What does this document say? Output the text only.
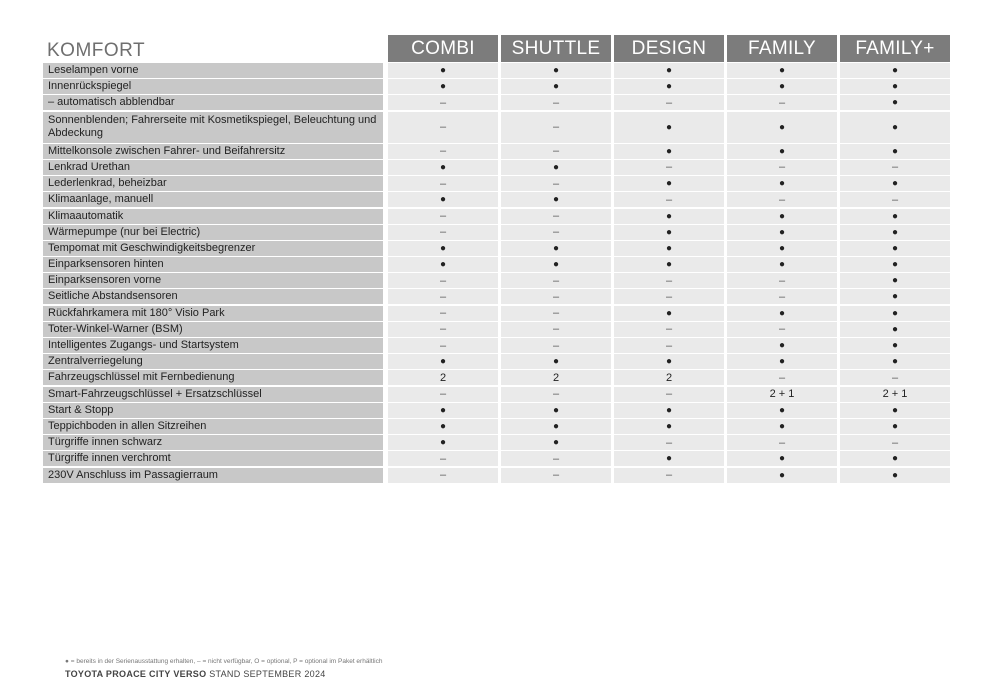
KOMFORT	COMBI	SHUTTLE	DESIGN	FAMILY	FAMILY+
Leselampen vorne	●	●	●	●	●
Innenrückspiegel	●	●	●	●	●
– automatisch abblendbar	–	–	–	–	●
Sonnenblenden; Fahrerseite mit Kosmetikspiegel, Beleuchtung und Abdeckung	–	–	●	●	●
Mittelkonsole zwischen Fahrer- und Beifahrersitz	–	–	●	●	●
Lenkrad Urethan	●	●	–	–	–
Lederlenkrad, beheizbar	–	–	●	●	●
Klimaanlage, manuell	●	●	–	–	–
Klimaautomatik	–	–	●	●	●
Wärmepumpe (nur bei Electric)	–	–	●	●	●
Tempomat mit Geschwindigkeitsbegrenzer	●	●	●	●	●
Einparksensoren hinten	●	●	●	●	●
Einparksensoren vorne	–	–	–	–	●
Seitliche Abstandsensoren	–	–	–	–	●
Rückfahrkamera mit 180° Visio Park	–	–	●	●	●
Toter-Winkel-Warner (BSM)	–	–	–	–	●
Intelligentes Zugangs- und Startsystem	–	–	–	●	●
Zentralverriegelung	●	●	●	●	●
Fahrzeugschlüssel mit Fernbedienung	2	2	2	–	–
Smart-Fahrzeugschlüssel + Ersatzschlüssel	–	–	–	2 + 1	2 + 1
Start & Stopp	●	●	●	●	●
Teppichboden in allen Sitzreihen	●	●	●	●	●
Türgriffe innen schwarz	●	●	–	–	–
Türgriffe innen verchromt	–	–	●	●	●
230V Anschluss im Passagierraum	–	–	–	●	●
● = bereits in der Serienausstattung erhalten, – = nicht verfügbar, O = optional, P = optional im Paket erhältlich
TOYOTA PROACE CITY VERSO STAND SEPTEMBER 2024
